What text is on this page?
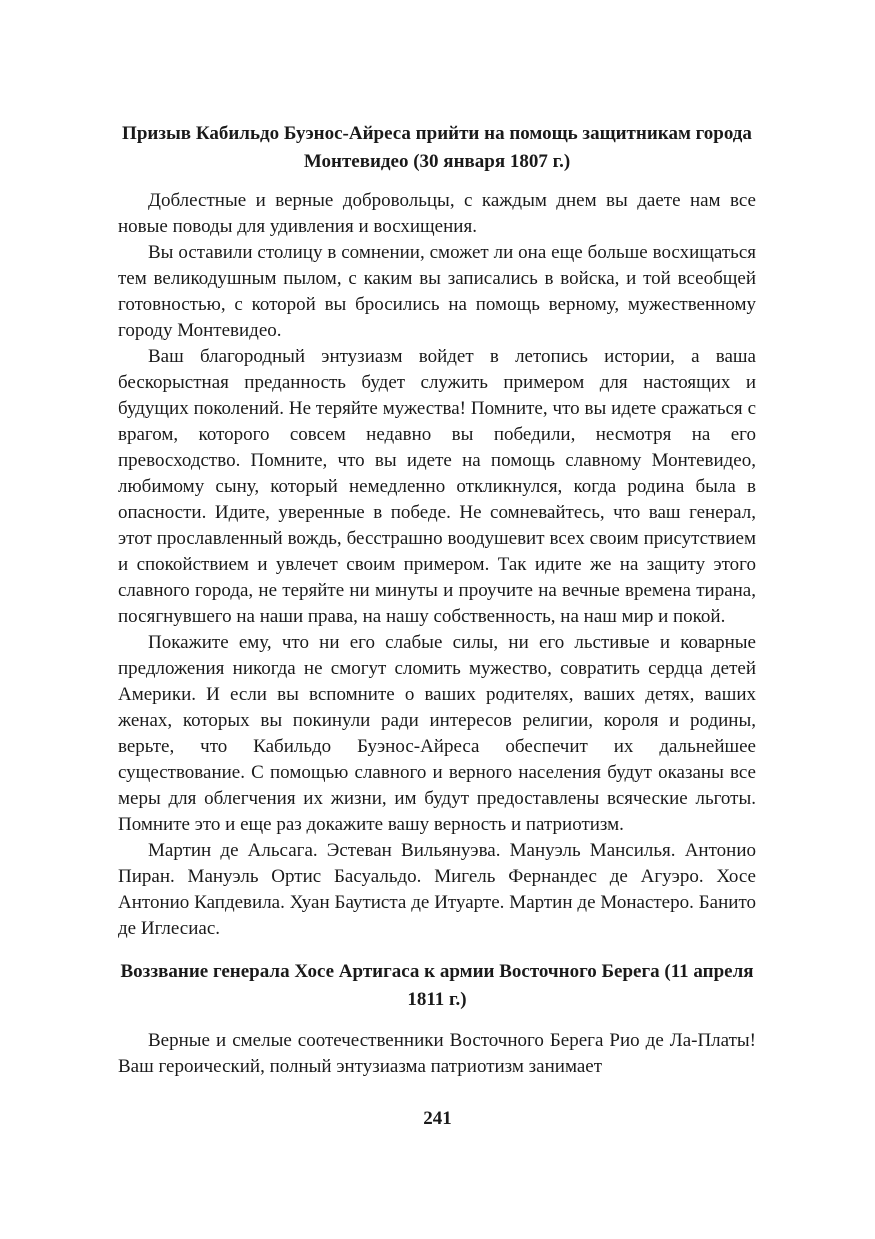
Призыв Кабильдо Буэнос-Айреса прийти на помощь защитникам города Монтевидео (30 января 1807 г.)

Доблестные и верные добровольцы, с каждым днем вы даете нам все новые поводы для удивления и восхищения.

Вы оставили столицу в сомнении, сможет ли она еще больше восхищаться тем великодушным пылом, с каким вы записались в войска, и той всеобщей готовностью, с которой вы бросились на помощь верному, мужественному городу Монтевидео.

Ваш благородный энтузиазм войдет в летопись истории, а ваша бескорыстная преданность будет служить примером для настоящих и будущих поколений. Не теряйте мужества! Помните, что вы идете сражаться с врагом, которого совсем недавно вы победили, несмотря на его превосходство. Помните, что вы идете на помощь славному Монтевидео, любимому сыну, который немедленно откликнулся, когда родина была в опасности. Идите, уверенные в победе. Не сомневайтесь, что ваш генерал, этот прославленный вождь, бесстрашно воодушевит всех своим присутствием и спокойствием и увлечет своим примером. Так идите же на защиту этого славного города, не теряйте ни минуты и проучите на вечные времена тирана, посягнувшего на наши права, на нашу собственность, на наш мир и покой.

Покажите ему, что ни его слабые силы, ни его льстивые и коварные предложения никогда не смогут сломить мужество, совратить сердца детей Америки. И если вы вспомните о ваших родителях, ваших детях, ваших женах, которых вы покинули ради интересов религии, короля и родины, верьте, что Кабильдо Буэнос-Айреса обеспечит их дальнейшее существование. С помощью славного и верного населения будут оказаны все меры для облегчения их жизни, им будут предоставлены всяческие льготы. Помните это и еще раз докажите вашу верность и патриотизм.

Мартин де Альсага. Эстеван Вильянуэва. Мануэль Мансилья. Антонио Пиран. Мануэль Ортис Басуальдо. Мигель Фернандес де Агуэро. Хосе Антонио Капдевила. Хуан Баутиста де Итуарте. Мартин де Монастеро. Банито де Иглесиас.

Воззвание генерала Хосе Артигаса к армии Восточного Берега (11 апреля 1811 г.)

Верные и смелые соотечественники Восточного Берега Рио де Ла-Платы! Ваш героический, полный энтузиазма патриотизм занимает

241
